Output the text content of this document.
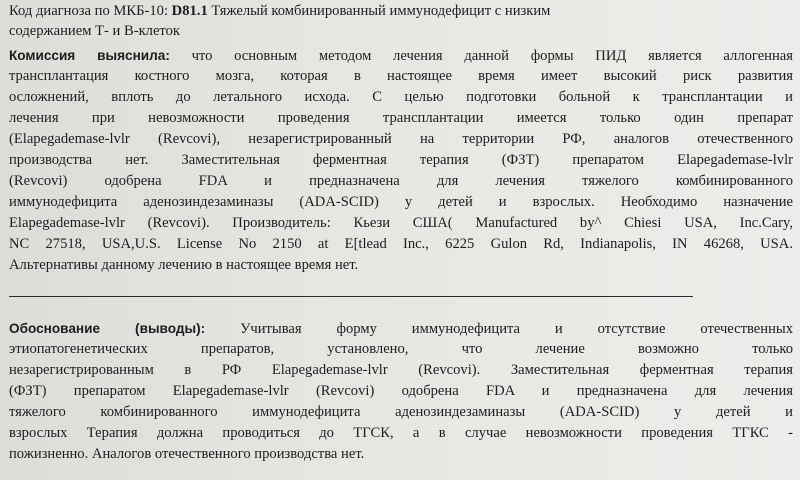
Код диагноза по МКБ-10: D81.1 Тяжелый комбинированный иммунодефицит с низким
содержанием Т- и В-клеток
Комиссия выяснила: что основным методом лечения данной формы ПИД является аллогенная
трансплантация костного мозга, которая в настоящее время имеет высокий риск развития
осложнений, вплоть до летального исхода. С целью подготовки больной к трансплантации и
лечения при невозможности проведения трансплантации имеется только один препарат
(Elapegademase-lvlr (Revcovi), незарегистрированный на территории РФ, аналогов отечественного
производства нет. Заместительная ферментная терапия (ФЗТ) препаратом Elapegademase-lvlr
(Revcovi) одобрена FDA и предназначена для лечения тяжелого комбинированного
иммунодефицита аденозиндезаминазы (ADA-SCID) у детей и взрослых. Необходимо назначение
Elapegademase-lvlr (Revcovi). Производитель: Кьези США( Manufactured by^ Chiesi USA, Inc.Cary,
NC 27518, USA,U.S. License No 2150 at E[tlead Inc., 6225 Gulon Rd, Indianapolis, IN 46268, USA.
Альтернативы данному лечению в настоящее время нет.
Обоснование (выводы): Учитывая форму иммунодефицита и отсутствие отечественных
этиопатогенетических препаратов, установлено, что лечение возможно только
незарегистрированным в РФ Elapegademase-lvlr (Revcovi). Заместительная ферментная терапия
(ФЗТ) препаратом Elapegademase-lvlr (Revcovi) одобрена FDA и предназначена для лечения
тяжелого комбинированного иммунодефицита аденозиндезаминазы (ADA-SCID) у детей и
взрослых Терапия должна проводиться до ТГСК, а в случае невозможности проведения ТГКС -
пожизненно. Аналогов отечественного производства нет.
